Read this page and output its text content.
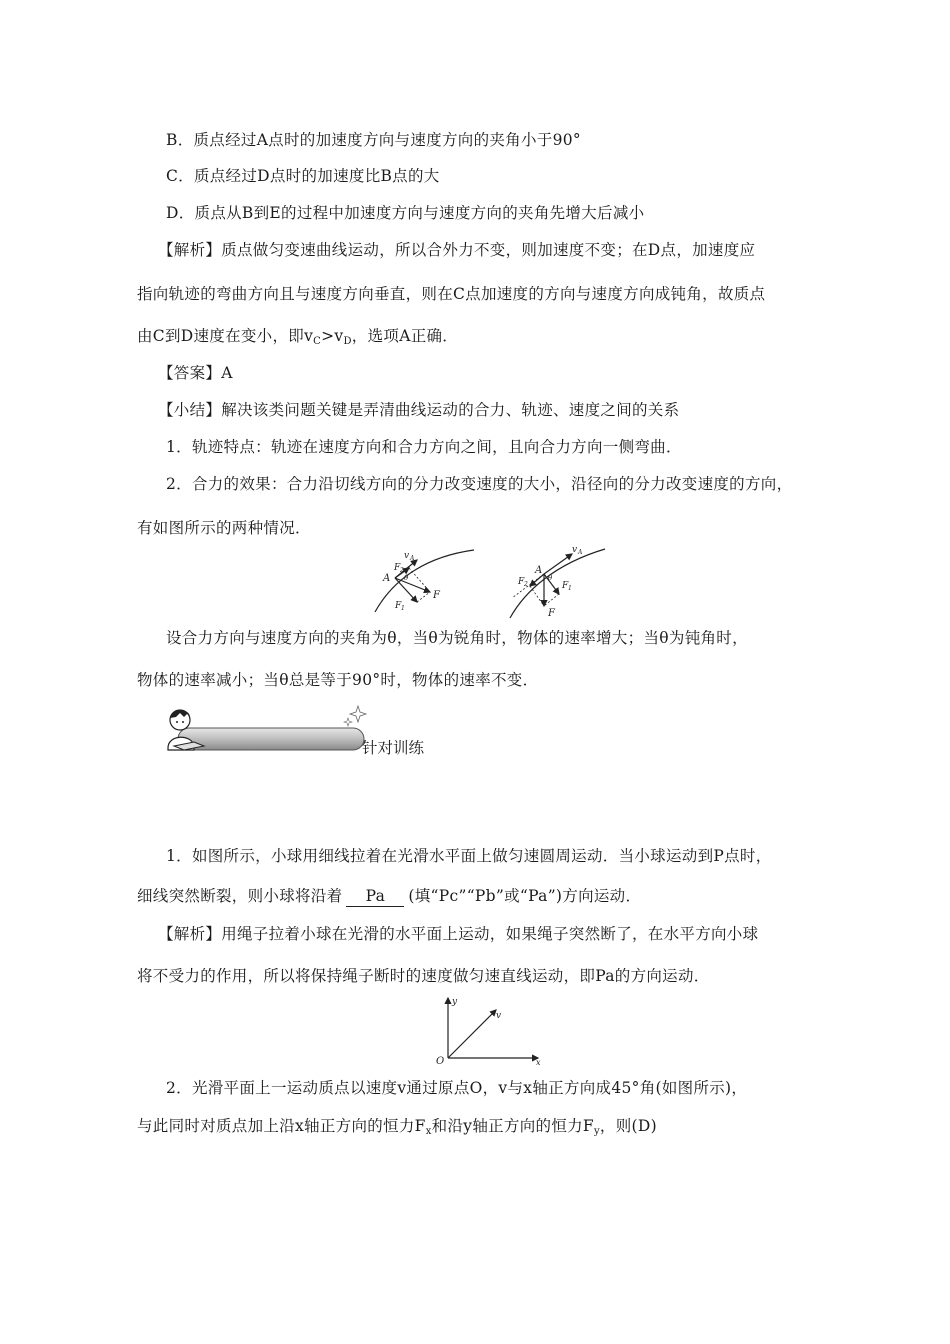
B．质点经过A点时的加速度方向与速度方向的夹角小于90°
C．质点经过D点时的加速度比B点的大
D．质点从B到E的过程中加速度方向与速度方向的夹角先增大后减小
【解析】质点做匀变速曲线运动，所以合外力不变，则加速度不变；在D点，加速度应
指向轨迹的弯曲方向且与速度方向垂直，则在C点加速度的方向与速度方向成钝角，故质点
由C到D速度在变小，即$v_C>v_D$，选项A正确．
【答案】A
【小结】解决该类问题关键是弄清曲线运动的合力、轨迹、速度之间的关系
1．轨迹特点：轨迹在速度方向和合力方向之间，且向合力方向一侧弯曲．
2．合力的效果：合力沿切线方向的分力改变速度的大小，沿径向的分力改变速度的方向，
有如图所示的两种情况．
v A
A
F 2
θ
F
F 1
v A
A
F 2
θ
F
F 1
设合力方向与速度方向的夹角为θ，当θ为锐角时，物体的速率增大；当θ为钝角时，
物体的速率减小；当θ总是等于90°时，物体的速率不变．
针对训练
1．如图所示，小球用细线拉着在光滑水平面上做匀速圆周运动．当小球运动到P点时，
细线突然断裂，则小球将沿着 Pa (填“Pc”“Pb”或“Pa”)方向运动．
【解析】用绳子拉着小球在光滑的水平面上运动，如果绳子突然断了，在水平方向小球
将不受力的作用，所以将保持绳子断时的速度做匀速直线运动，即Pa的方向运动．
y
v
O	x
2．光滑平面上一运动质点以速度v通过原点O，v与x轴正方向成45°角(如图所示)，
与此同时对质点加上沿x轴正方向的恒力$F_x$和沿y轴正方向的恒力$F_y$，则(D)
